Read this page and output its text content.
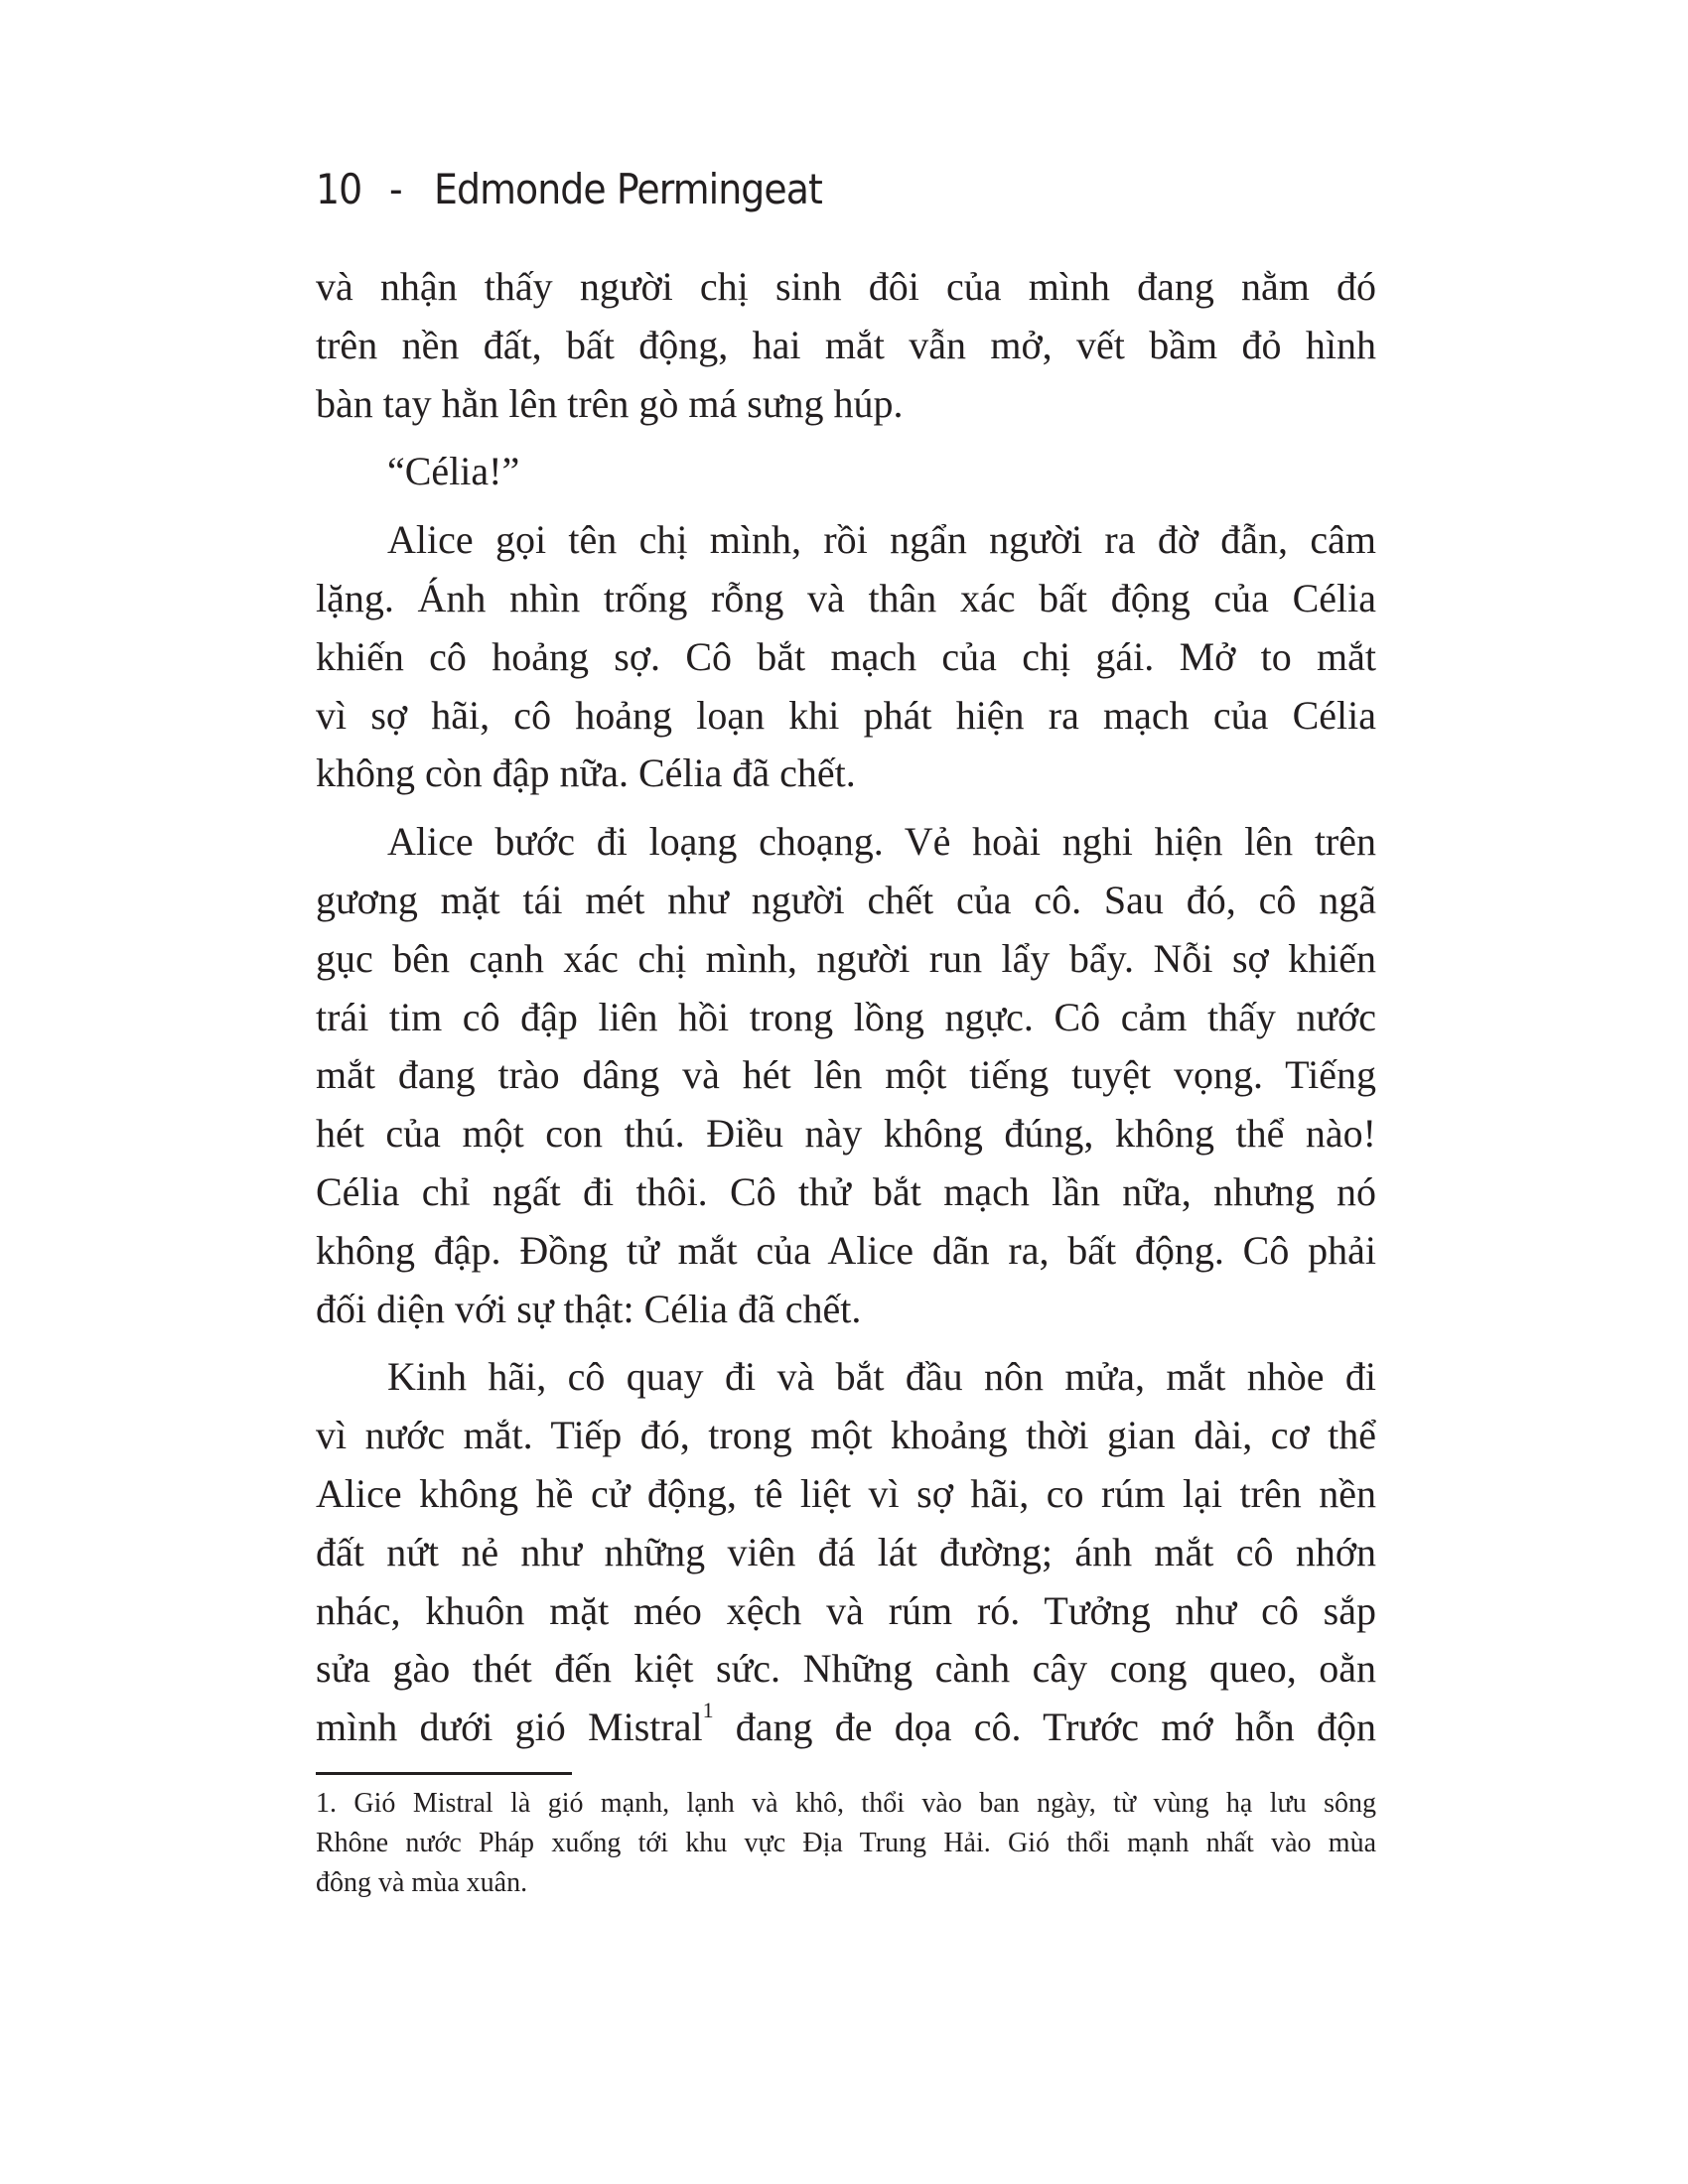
10 - Edmonde Permingeat
và nhận thấy người chị sinh đôi của mình đang nằm đó
trên nền đất, bất động, hai mắt vẫn mở, vết bầm đỏ hình
bàn tay hằn lên trên gò má sưng húp.
“Célia!”
Alice gọi tên chị mình, rồi ngẩn người ra đờ đẫn, câm
lặng. Ánh nhìn trống rỗng và thân xác bất động của Célia
khiến cô hoảng sợ. Cô bắt mạch của chị gái. Mở to mắt
vì sợ hãi, cô hoảng loạn khi phát hiện ra mạch của Célia
không còn đập nữa. Célia đã chết.
Alice bước đi loạng choạng. Vẻ hoài nghi hiện lên trên
gương mặt tái mét như người chết của cô. Sau đó, cô ngã
gục bên cạnh xác chị mình, người run lẩy bẩy. Nỗi sợ khiến
trái tim cô đập liên hồi trong lồng ngực. Cô cảm thấy nước
mắt đang trào dâng và hét lên một tiếng tuyệt vọng. Tiếng
hét của một con thú. Điều này không đúng, không thể nào!
Célia chỉ ngất đi thôi. Cô thử bắt mạch lần nữa, nhưng nó
không đập. Đồng tử mắt của Alice dãn ra, bất động. Cô phải
đối diện với sự thật: Célia đã chết.
Kinh hãi, cô quay đi và bắt đầu nôn mửa, mắt nhòe đi
vì nước mắt. Tiếp đó, trong một khoảng thời gian dài, cơ thể
Alice không hề cử động, tê liệt vì sợ hãi, co rúm lại trên nền
đất nứt nẻ như những viên đá lát đường; ánh mắt cô nhớn
nhác, khuôn mặt méo xệch và rúm ró. Tưởng như cô sắp
sửa gào thét đến kiệt sức. Những cành cây cong queo, oằn
mình dưới gió Mistral$^1$ đang đe dọa cô. Trước mớ hỗn độn
1. Gió Mistral là gió mạnh, lạnh và khô, thổi vào ban ngày, từ vùng hạ lưu sông
Rhône nước Pháp xuống tới khu vực Địa Trung Hải. Gió thổi mạnh nhất vào mùa
đông và mùa xuân.
